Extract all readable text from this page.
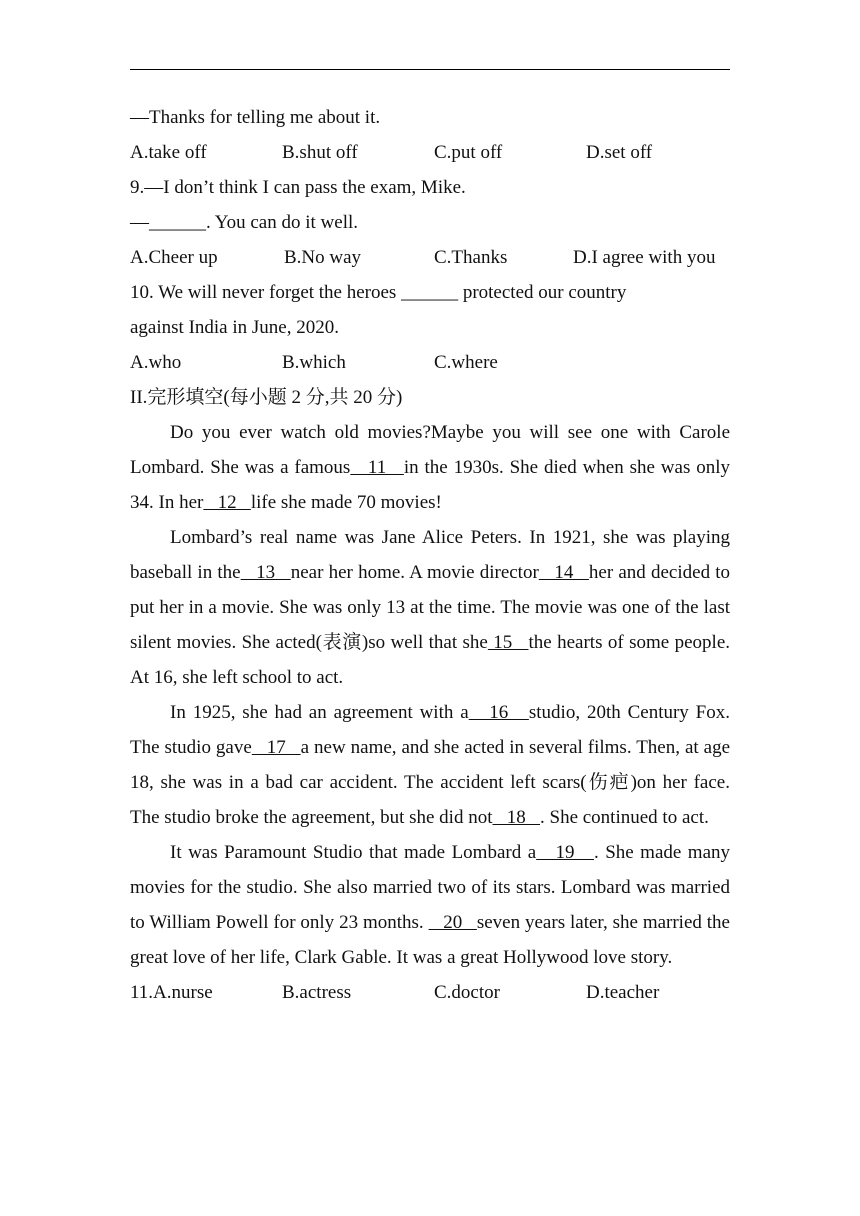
—Thanks for telling me about it.
A.take off	B.shut off	C.put off	D.set off
9.—I don’t think I can pass the exam, Mike.
—______. You can do it well.
A.Cheer up	B.No way	C.Thanks	D.I agree with you
10. We will never forget the heroes ______ protected our country
against India in June, 2020.
A.who	B.which	C.where
II.完形填空(每小题 2 分,共 20 分)
Do you ever watch old movies?Maybe you will see one with Carole Lombard. She was a famous   11   in the 1930s. She died when she was only 34. In her   12   life she made 70 movies!
Lombard’s real name was Jane Alice Peters. In 1921, she was playing baseball in the   13   near her home. A movie director   14   her and decided to put her in a movie. She was only 13 at the time. The movie was one of the last silent movies. She acted(表演)so well that she 15   the hearts of some people. At 16, she left school to act.
In 1925, she had an agreement with a   16   studio, 20th Century Fox. The studio gave   17   a new name, and she acted in several films. Then, at age 18, she was in a bad car accident. The accident left scars(伤疤)on her face. The studio broke the agreement, but she did not   18   . She continued to act.
It was Paramount Studio that made Lombard a   19   . She made many movies for the studio. She also married two of its stars. Lombard was married to William Powell for only 23 months.    20   seven years later, she married the great love of her life, Clark Gable. It was a great Hollywood love story.
11.A.nurse	B.actress	C.doctor	D.teacher
